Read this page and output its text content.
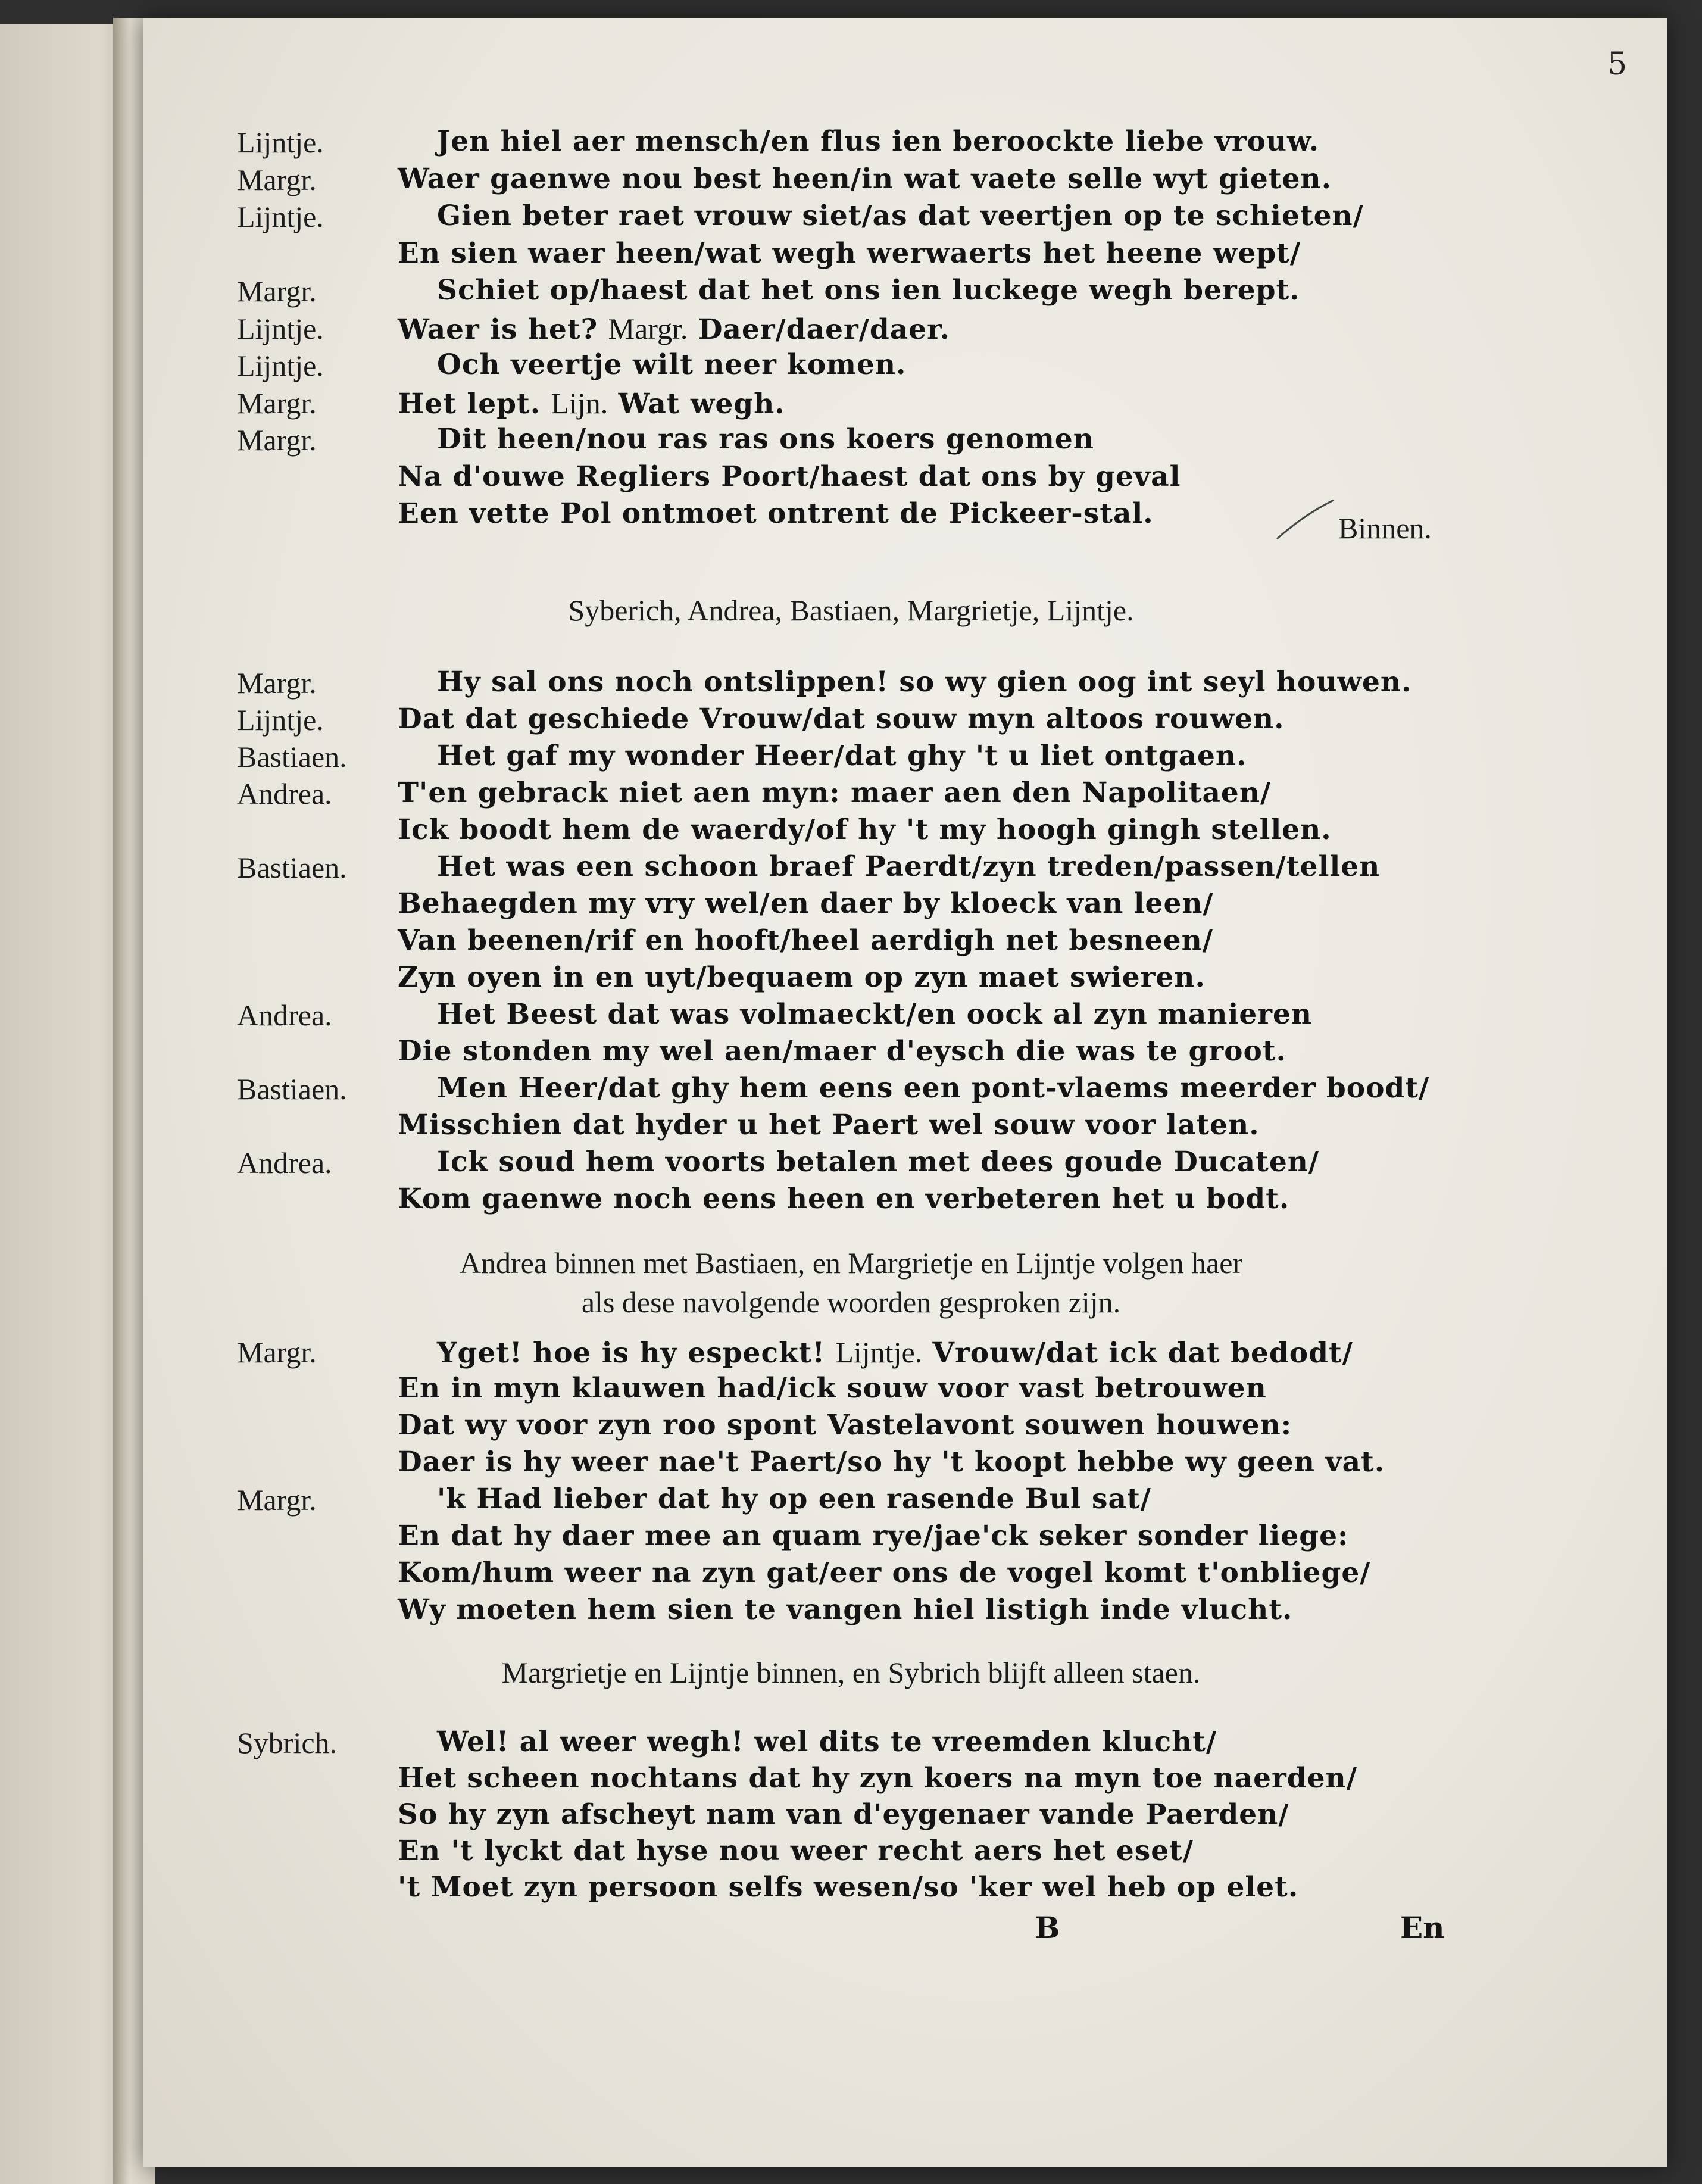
5
Lijntje.	Jen hiel aer mensch/en flus ien beroockte liebe vrouw.
Margr.	Waer gaenwe nou best heen/in wat vaete selle wyt gieten.
Lijntje.	Gien beter raet vrouw siet/as dat veertjen op te schieten/
En sien waer heen/wat wegh werwaerts het heene wept/
Margr.	Schiet op/haest dat het ons ien luckege wegh berept.
Lijntje.	Waer is het? Margr. Daer/daer/daer.
Lijntje.	Och veertje wilt neer komen.
Margr.	Het lept. Lijn. Wat wegh.
Margr.	Dit heen/nou ras ras ons koers genomen
Na d'ouwe Regliers Poort/haest dat ons by geval
Een vette Pol ontmoet ontrent de Pickeer-stal.	Binnen.
Syberich, Andrea, Bastiaen, Margrietje, Lijntje.
Margr.	Hy sal ons noch ontslippen! so wy gien oog int seyl houwen.
Lijntje.	Dat dat geschiede Vrouw/dat souw myn altoos rouwen.
Bastiaen.	Het gaf my wonder Heer/dat ghy 't u liet ontgaen.
Andrea. T'en gebrack niet aen myn: maer aen den Napolitaen/
Ick boodt hem de waerdy/of hy 't my hoogh gingh stellen.
Bastiaen.	Het was een schoon braef Paerdt/zyn treden/passen/tellen
Behaegden my vry wel/en daer by kloeck van leen/
Van beenen/rif en hooft/heel aerdigh net besneen/
Zyn oyen in en uyt/bequaem op zyn maet swieren.
Andrea.	Het Beest dat was volmaeckt/en oock al zyn manieren
Die stonden my wel aen/maer d'eysch die was te groot.
Bastiaen.	Men Heer/dat ghy hem eens een pont-vlaems meerder boodt/
Misschien dat hyder u het Paert wel souw voor laten.
Andrea.	Ick soud hem voorts betalen met dees goude Ducaten/
Kom gaenwe noch eens heen en verbeteren het u bodt.
Andrea binnen met Bastiaen, en Margrietje en Lijntje volgen haer
als dese navolgende woorden gesproken zijn.
Margr.	Yget! hoe is hy especkt! Lijntje. Vrouw/dat ick dat bedodt/
En in myn klauwen had/ick souw voor vast betrouwen
Dat wy voor zyn roo spont Vastelavont souwen houwen:
Daer is hy weer nae't Paert/so hy 't koopt hebbe wy geen vat.
Margr.	'k Had lieber dat hy op een rasende Bul sat/
En dat hy daer mee an quam rye/jae'ck seker sonder liege:
Kom/hum weer na zyn gat/eer ons de vogel komt t'onbliege/
Wy moeten hem sien te vangen hiel listigh inde vlucht.
Margrietje en Lijntje binnen, en Sybrich blijft alleen staen.
Sybrich.	Wel! al weer wegh! wel dits te vreemden klucht/
Het scheen nochtans dat hy zyn koers na myn toe naerden/
So hy zyn afscheyt nam van d'eygenaer vande Paerden/
En 't lyckt dat hyse nou weer recht aers het eset/
't Moet zyn persoon selfs wesen/so 'ker wel heb op elet.
B	En
